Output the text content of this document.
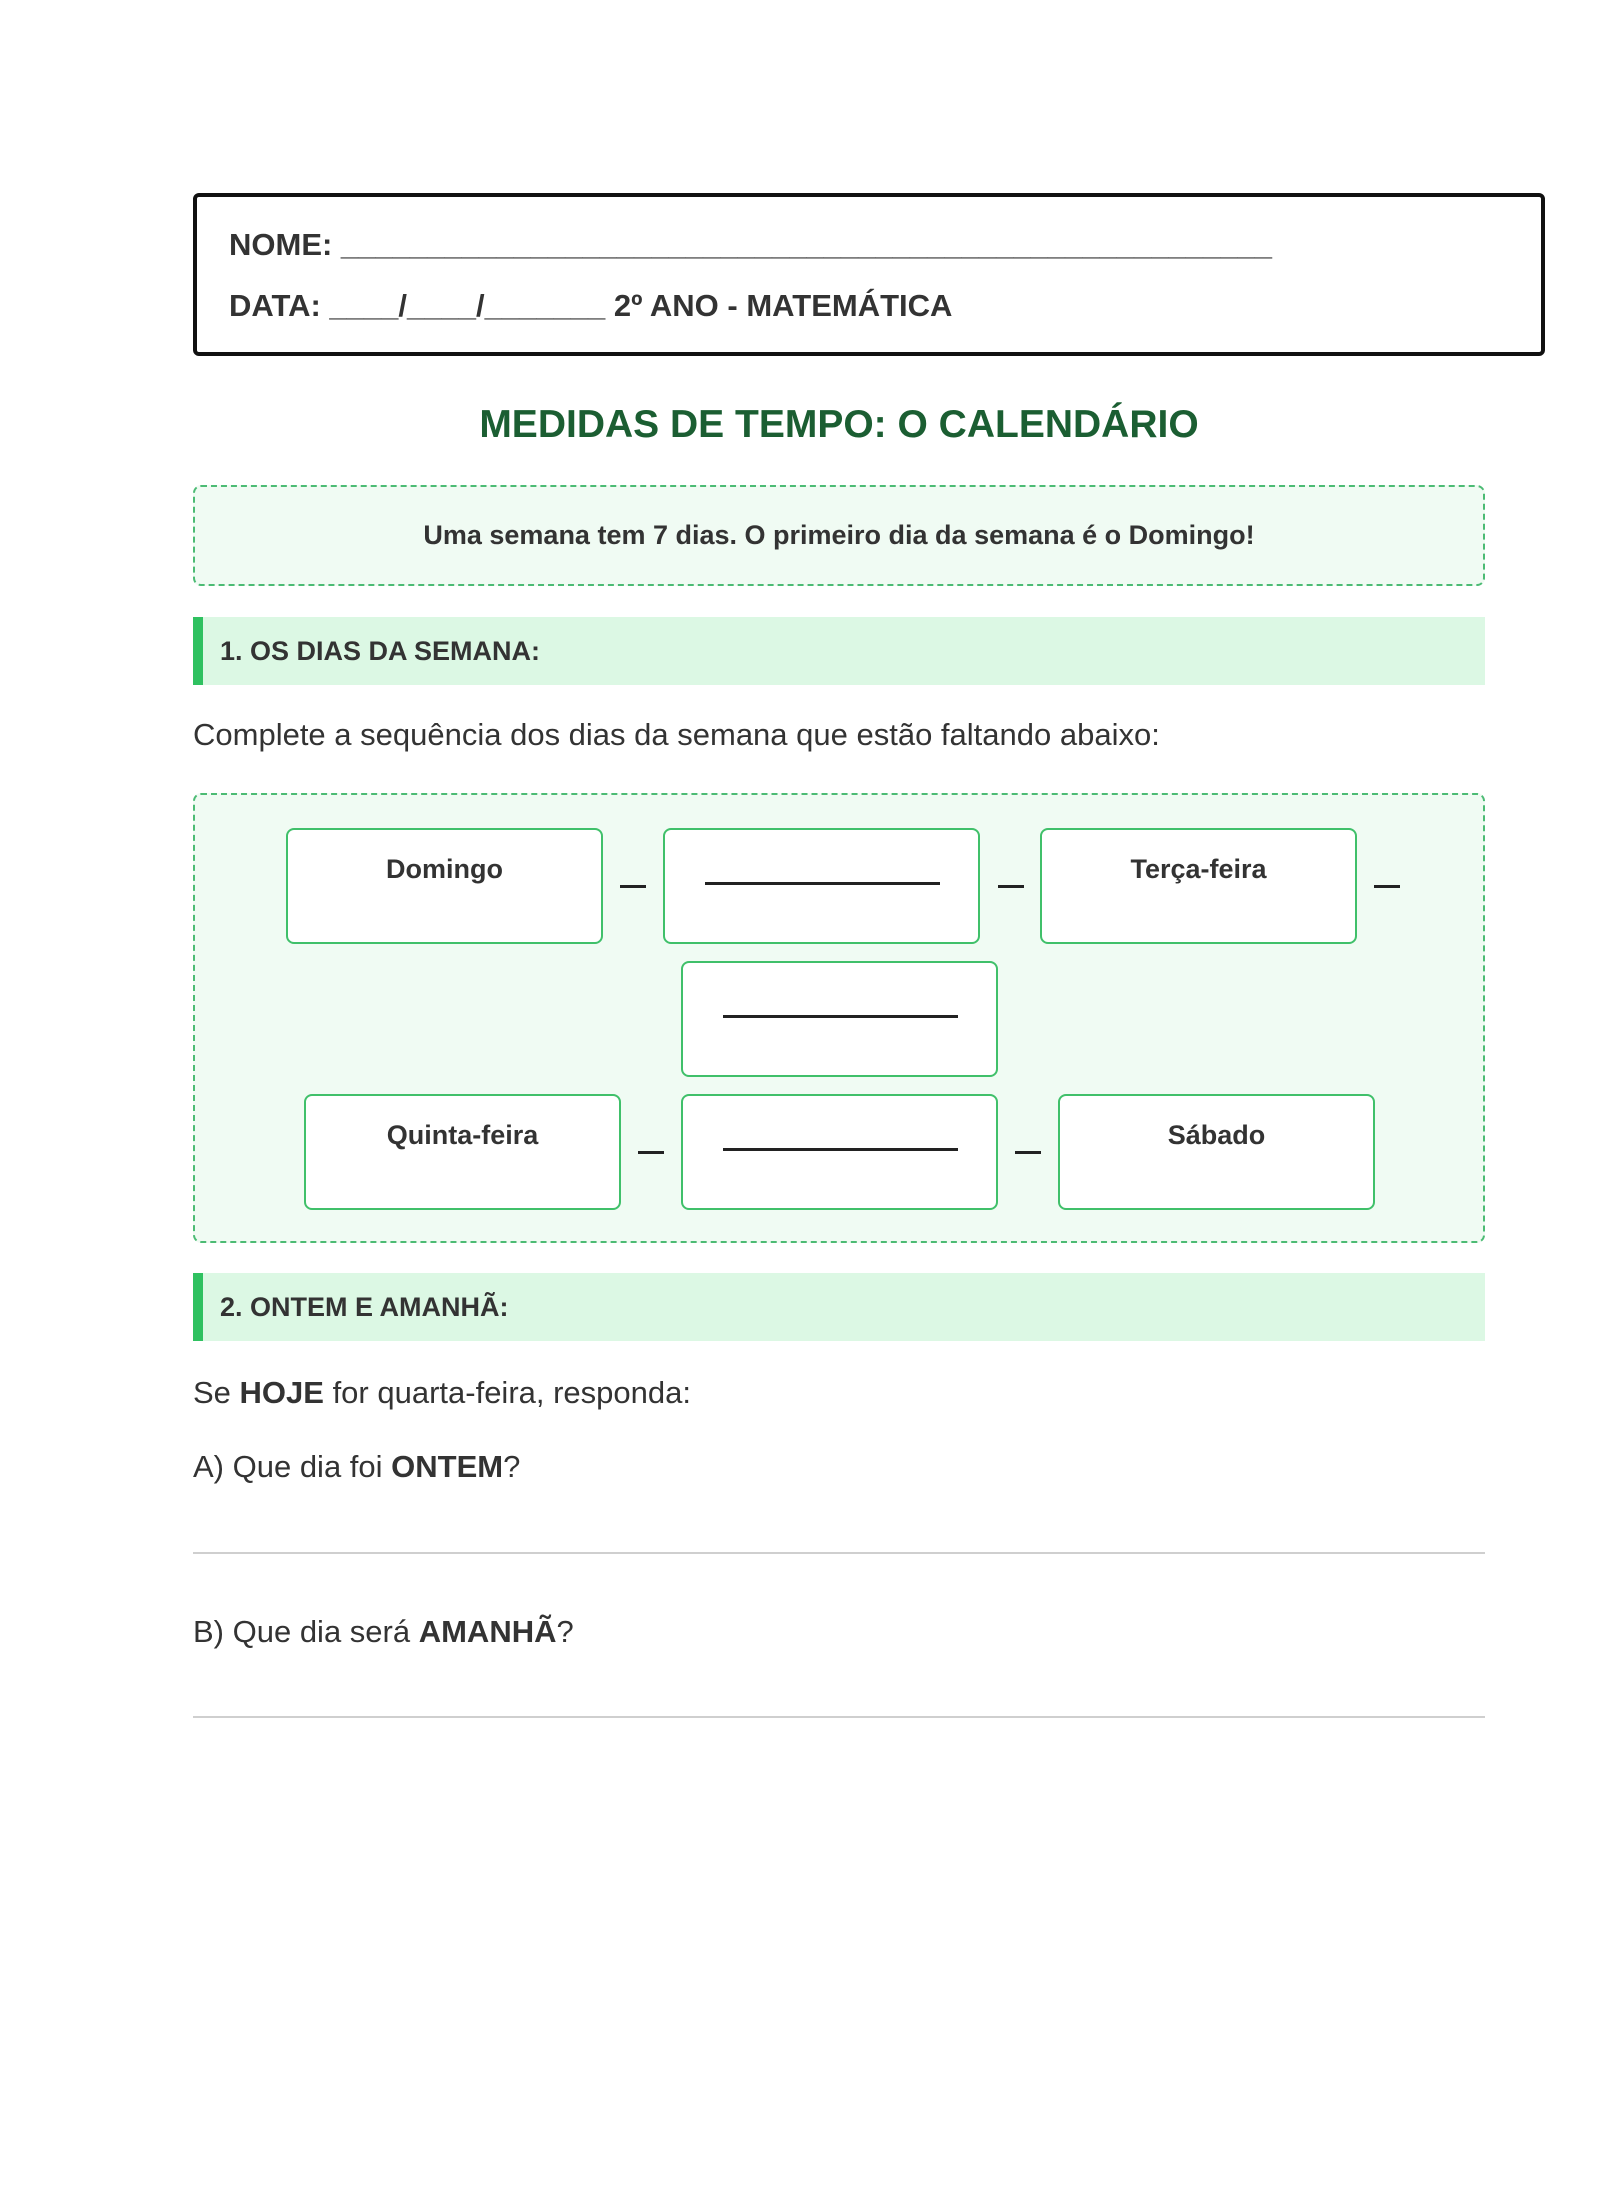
NOME: ______________________________________________________

DATA: ____/____/_______ 2º ANO - MATEMÁTICA

MEDIDAS DE TEMPO: O CALENDÁRIO
Uma semana tem 7 dias. O primeiro dia da semana é o Domingo!
1. OS DIAS DA SEMANA:

Complete a sequência dos dias da semana que estão faltando abaixo:

Domingo	Terça-feira
Quinta-feira	Sábado
2. ONTEM E AMANHÃ:

Se HOJE for quarta-feira, responda:

A) Que dia foi ONTEM?

B) Que dia será AMANHÃ?
